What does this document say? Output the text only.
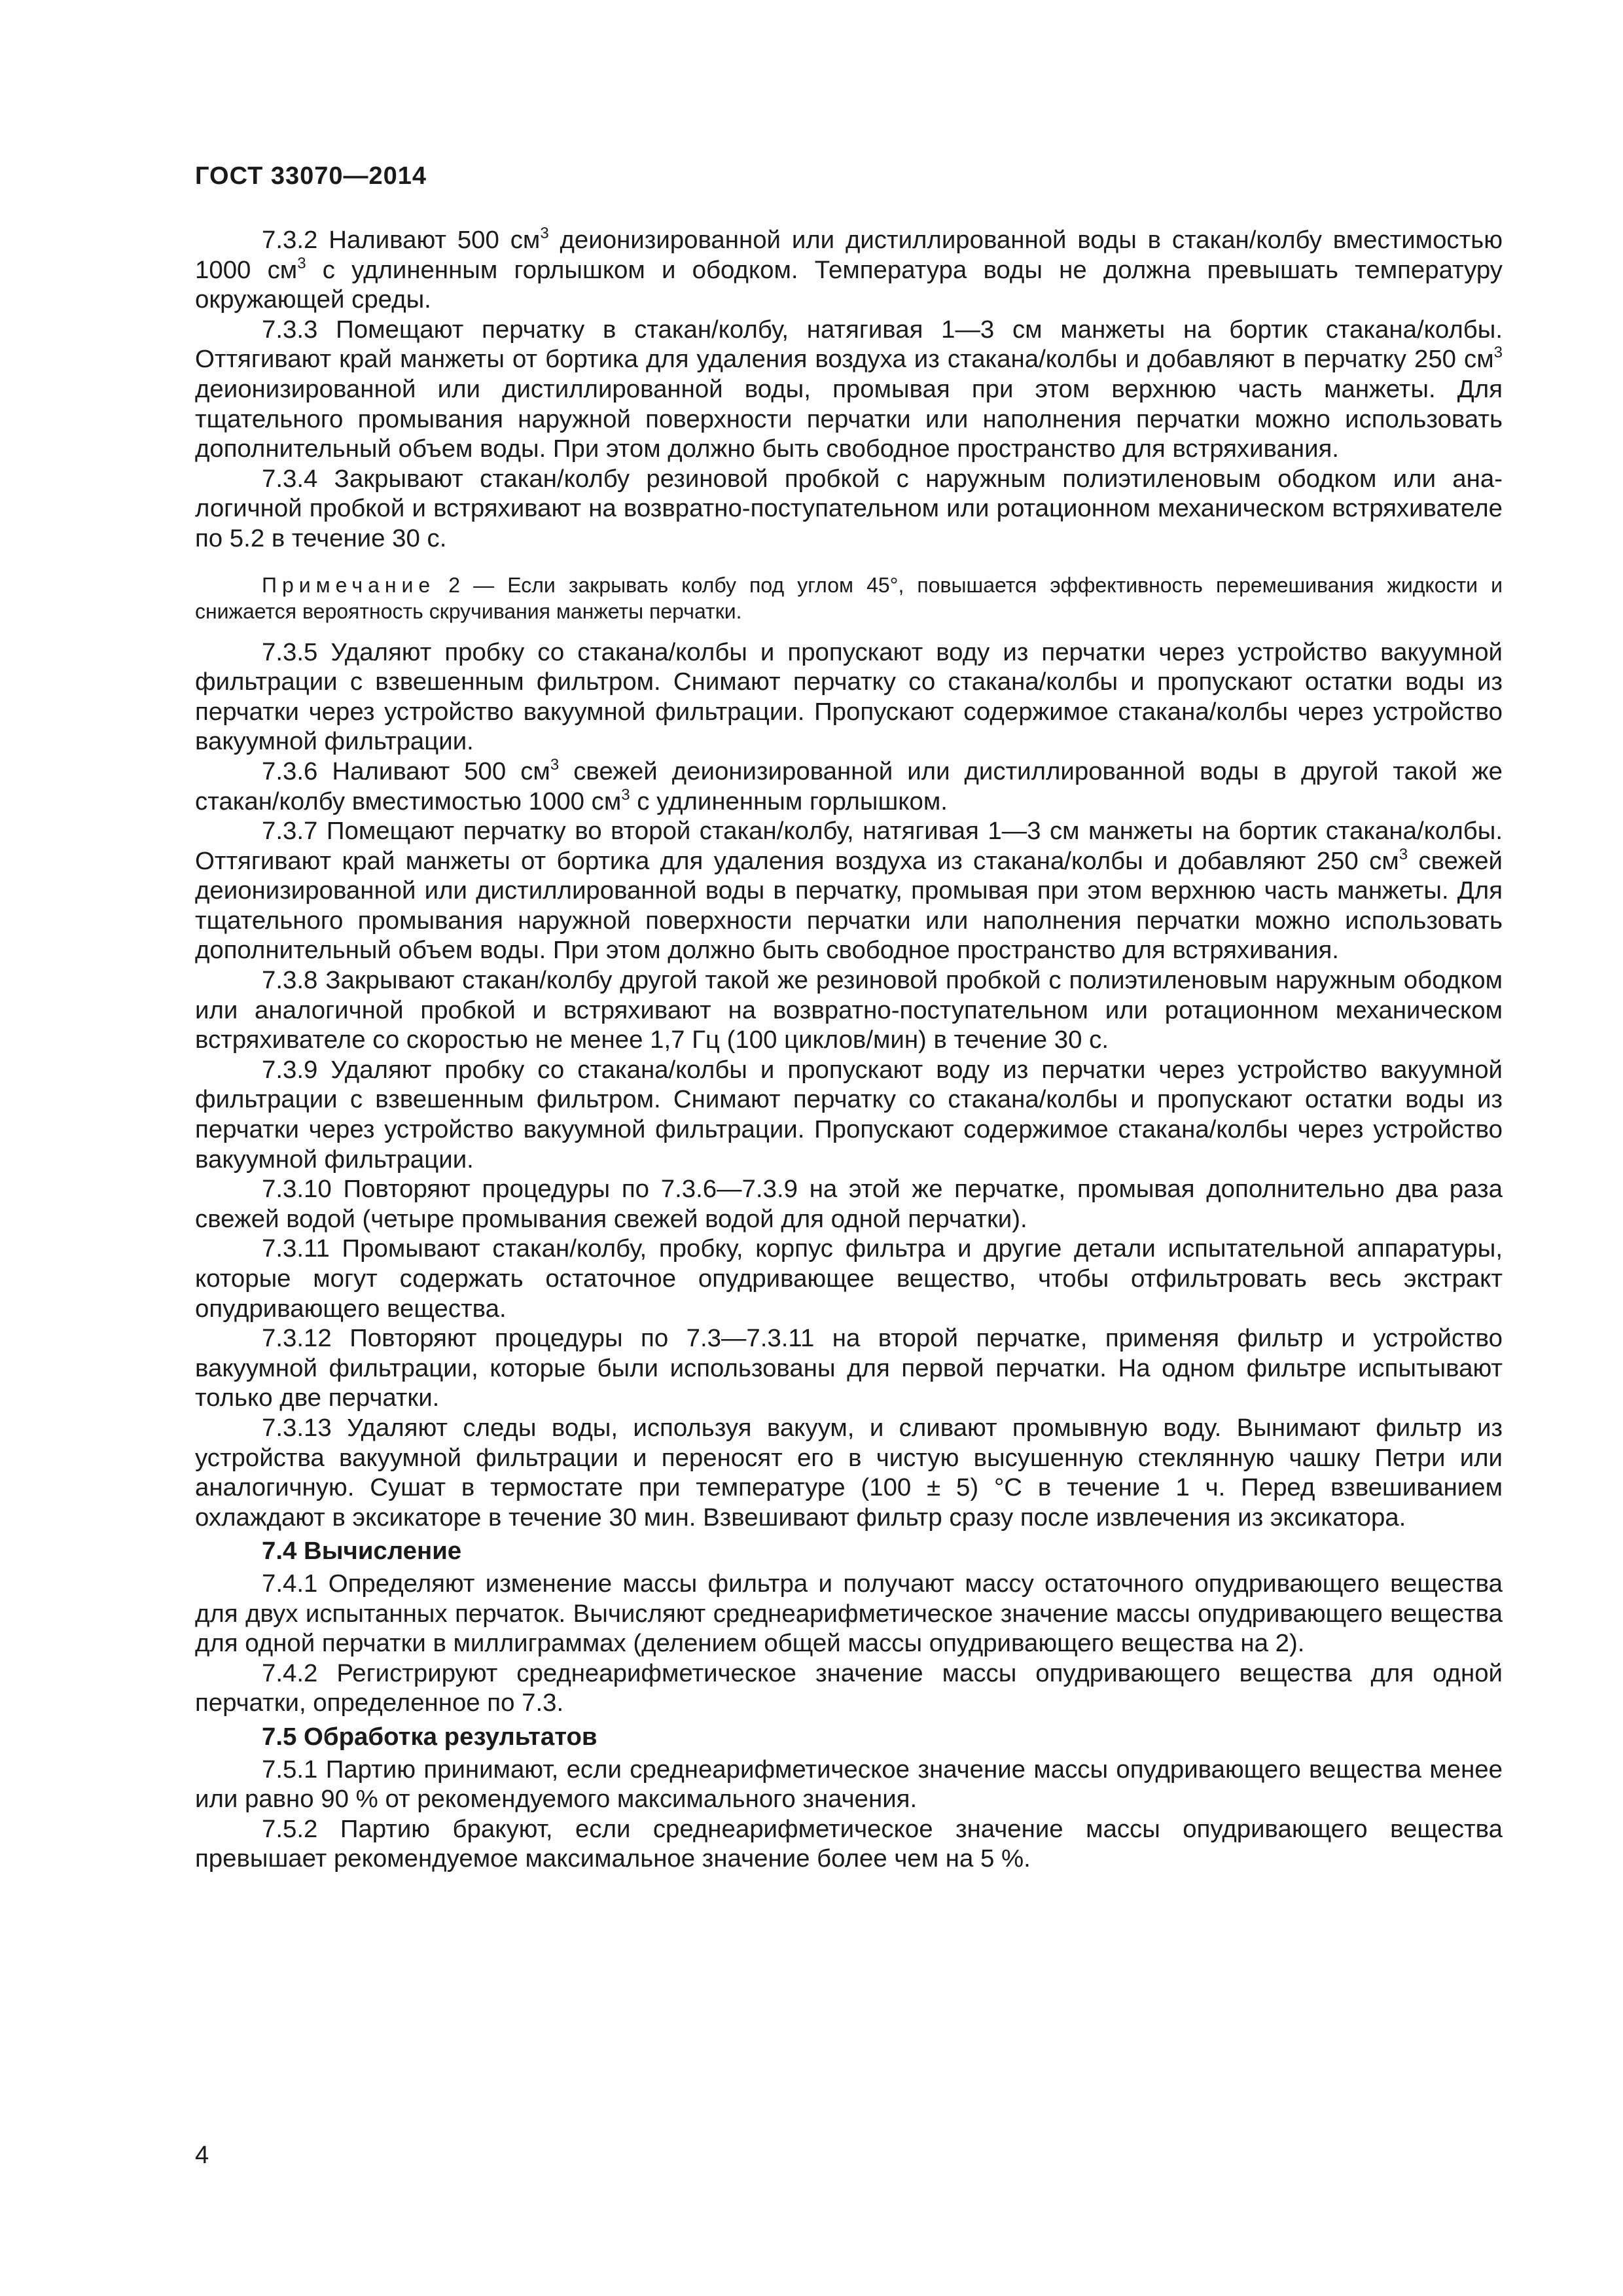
ГОСТ 33070—2014

7.3.2 Наливают 500 $см^3$ деионизированной или дистиллированной воды в стакан/колбу вместимостью 1000 $см^3$ с удлиненным горлышком и ободком. Температура воды не должна превышать температуру окружающей среды.

7.3.3 Помещают перчатку в стакан/колбу, натягивая 1—3 см манжеты на бортик стакана/колбы. Оттягивают край манжеты от бортика для удаления воздуха из стакана/колбы и добавляют в перчатку 250 $см^3$ деионизированной или дистиллированной воды, промывая при этом верхнюю часть манжеты. Для тщательного промывания наружной поверхности перчатки или наполнения перчатки можно использовать дополнительный объем воды. При этом должно быть свободное пространство для встряхивания.

7.3.4 Закрывают стакан/колбу резиновой пробкой с наружным полиэтиленовым ободком или аналогичной пробкой и встряхивают на возвратно-поступательном или ротационном механическом встряхивателе по 5.2 в течение 30 с.

Примечание 2 — Если закрывать колбу под углом 45°, повышается эффективность перемешивания жидкости и снижается вероятность скручивания манжеты перчатки.

7.3.5 Удаляют пробку со стакана/колбы и пропускают воду из перчатки через устройство вакуумной фильтрации с взвешенным фильтром. Снимают перчатку со стакана/колбы и пропускают остатки воды из перчатки через устройство вакуумной фильтрации. Пропускают содержимое стакана/колбы через устройство вакуумной фильтрации.

7.3.6 Наливают 500 $см^3$ свежей деионизированной или дистиллированной воды в другой такой же стакан/колбу вместимостью 1000 $см^3$ с удлиненным горлышком.

7.3.7 Помещают перчатку во второй стакан/колбу, натягивая 1—3 см манжеты на бортик стакана/колбы. Оттягивают край манжеты от бортика для удаления воздуха из стакана/колбы и добавляют 250 $см^3$ свежей деионизированной или дистиллированной воды в перчатку, промывая при этом верхнюю часть манжеты. Для тщательного промывания наружной поверхности перчатки или наполнения перчатки можно использовать дополнительный объем воды. При этом должно быть свободное пространство для встряхивания.

7.3.8 Закрывают стакан/колбу другой такой же резиновой пробкой с полиэтиленовым наружным ободком или аналогичной пробкой и встряхивают на возвратно-поступательном или ротационном механическом встряхивателе со скоростью не менее 1,7 Гц (100 циклов/мин) в течение 30 с.

7.3.9 Удаляют пробку со стакана/колбы и пропускают воду из перчатки через устройство вакуумной фильтрации с взвешенным фильтром. Снимают перчатку со стакана/колбы и пропускают остатки воды из перчатки через устройство вакуумной фильтрации. Пропускают содержимое стакана/колбы через устройство вакуумной фильтрации.

7.3.10 Повторяют процедуры по 7.3.6—7.3.9 на этой же перчатке, промывая дополнительно два раза свежей водой (четыре промывания свежей водой для одной перчатки).

7.3.11 Промывают стакан/колбу, пробку, корпус фильтра и другие детали испытательной аппаратуры, которые могут содержать остаточное опудривающее вещество, чтобы отфильтровать весь экстракт опудривающего вещества.

7.3.12 Повторяют процедуры по 7.3—7.3.11 на второй перчатке, применяя фильтр и устройство вакуумной фильтрации, которые были использованы для первой перчатки. На одном фильтре испытывают только две перчатки.

7.3.13 Удаляют следы воды, используя вакуум, и сливают промывную воду. Вынимают фильтр из устройства вакуумной фильтрации и переносят его в чистую высушенную стеклянную чашку Петри или аналогичную. Сушат в термостате при температуре (100 ± 5) °С в течение 1 ч. Перед взвешиванием охлаждают в эксикаторе в течение 30 мин. Взвешивают фильтр сразу после извлечения из эксикатора.

7.4 Вычисление

7.4.1 Определяют изменение массы фильтра и получают массу остаточного опудривающего вещества для двух испытанных перчаток. Вычисляют среднеарифметическое значение массы опудривающего вещества для одной перчатки в миллиграммах (делением общей массы опудривающего вещества на 2).

7.4.2 Регистрируют среднеарифметическое значение массы опудривающего вещества для одной перчатки, определенное по 7.3.

7.5 Обработка результатов

7.5.1 Партию принимают, если среднеарифметическое значение массы опудривающего вещества менее или равно 90 % от рекомендуемого максимального значения.

7.5.2 Партию бракуют, если среднеарифметическое значение массы опудривающего вещества превышает рекомендуемое максимальное значение более чем на 5 %.

4
